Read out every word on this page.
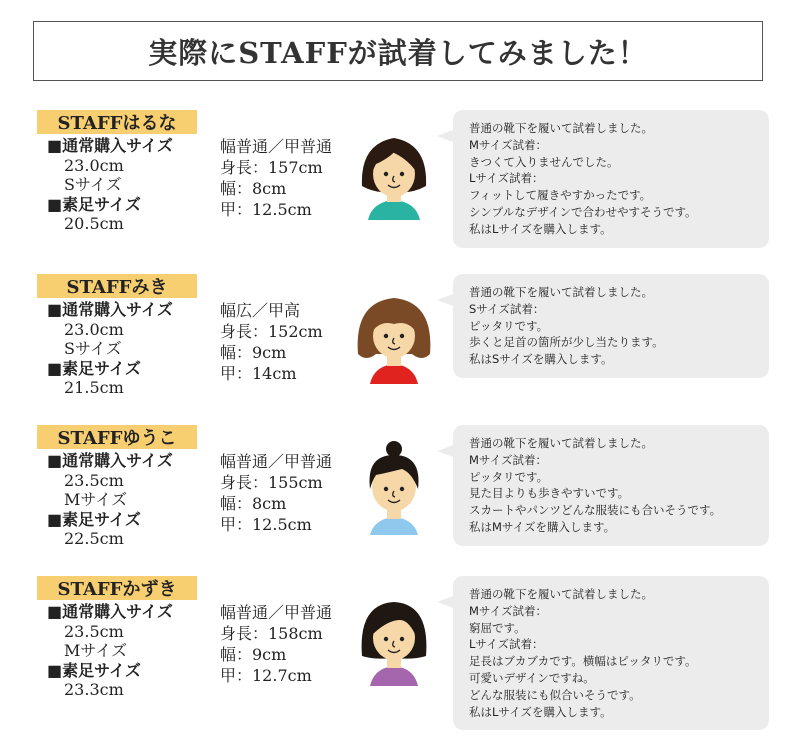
実際にSTAFFが試着してみました！
STAFFはるな
■通常購入サイズ
23.0cm
Sサイズ
■素足サイズ
20.5cm
幅普通／甲普通
身長：157cm
幅：8cm
甲：12.5cm
普通の靴下を履いて試着しました。
Mサイズ試着：
きつくて入りませんでした。
Lサイズ試着：
フィットして履きやすかったです。
シンプルなデザインで合わせやすそうです。
私はLサイズを購入します。
STAFFみき
■通常購入サイズ
23.0cm
Sサイズ
■素足サイズ
21.5cm
幅広／甲高
身長：152cm
幅：9cm
甲：14cm
普通の靴下を履いて試着しました。
Sサイズ試着：
ピッタリです。
歩くと足首の箇所が少し当たります。
私はSサイズを購入します。
STAFFゆうこ
■通常購入サイズ
23.5cm
Mサイズ
■素足サイズ
22.5cm
幅普通／甲普通
身長：155cm
幅：8cm
甲：12.5cm
普通の靴下を履いて試着しました。
Mサイズ試着：
ピッタリです。
見た目よりも歩きやすいです。
スカートやパンツどんな服装にも合いそうです。
私はMサイズを購入します。
STAFFかずき
■通常購入サイズ
23.5cm
Mサイズ
■素足サイズ
23.3cm
幅普通／甲普通
身長：158cm
幅：9cm
甲：12.7cm
普通の靴下を履いて試着しました。
Mサイズ試着：
窮屈です。
Lサイズ試着：
足長はブカブカです。横幅はピッタリです。
可愛いデザインですね。
どんな服装にも似合いそうです。
私はLサイズを購入します。
